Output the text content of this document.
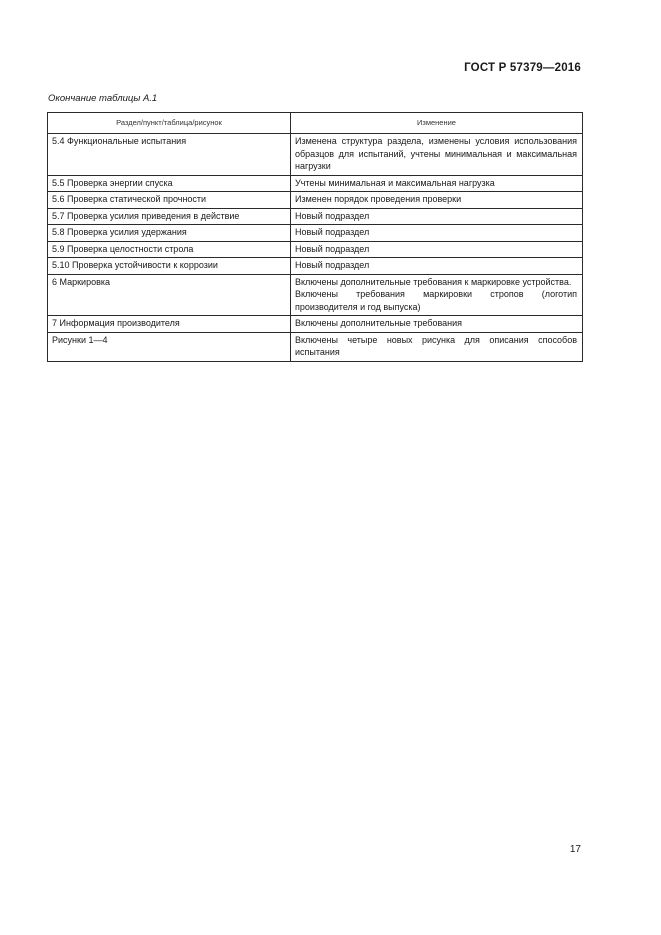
ГОСТ Р 57379—2016
Окончание таблицы А.1
Раздел/пункт/таблица/рисунок	Изменение
5.4 Функциональные испытания	Изменена структура раздела, изменены условия использования образцов для испытаний, учтены минимальная и максимальная нагрузки

5.5 Проверка энергии спуска	Учтены минимальная и максимальная нагрузка

5.6 Проверка статической прочности	Изменен порядок проведения проверки

5.7 Проверка усилия приведения в действие	Новый подраздел

5.8 Проверка усилия удержания	Новый подраздел

5.9 Проверка целостности строла	Новый подраздел

5.10 Проверка устойчивости к коррозии	Новый подраздел

6 Маркировка	Включены дополнительные требования к маркировке устройства.
Включены требования маркировки стропов (логотип производителя и год выпуска)

7 Информация производителя	Включены дополнительные требования

Рисунки 1—4	Включены четыре новых рисунка для описания способов испытания
17
